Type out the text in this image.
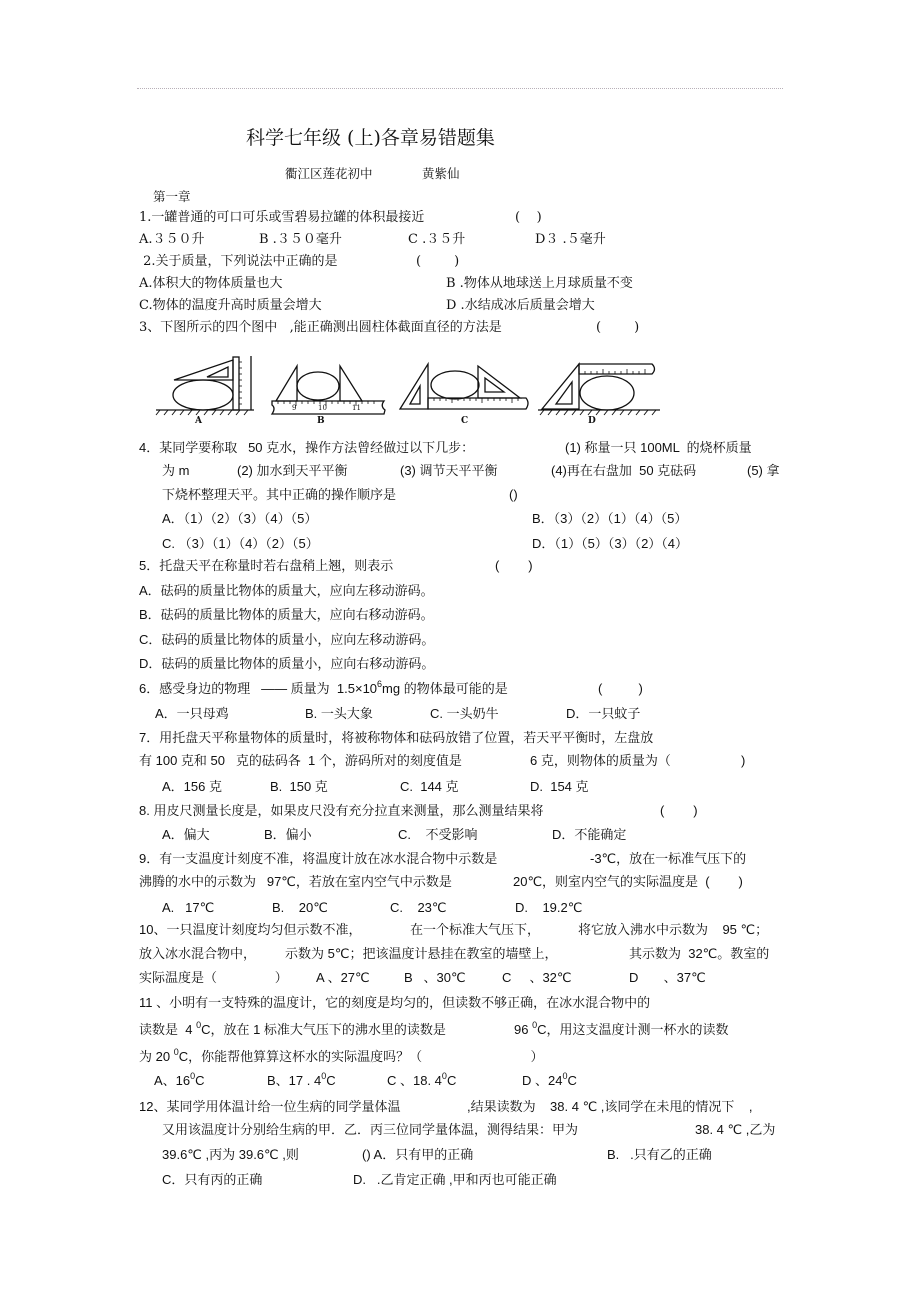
科学七年级 (上)各章易错题集
衢江区莲花初中	黄紫仙
第一章
1.一罐普通的可口可乐或雪碧易拉罐的体积最接近	(    )
A.３５０升	B .３５０毫升	C .３５升	D３ .５毫升
2.关于质量，下列说法中正确的是	(        )
A.体积大的物体质量也大	B .物体从地球送上月球质量不变
C.物体的温度升高时质量会增大	D .水结成冰后质量会增大
3、下图所示的四个图中   ,能正确测出圆柱体截面直径的方法是	(        )
A	B	C	D
9	10	11
4．某同学要称取   50 克水，操作方法曾经做过以下几步：	(1) 称量一只 100ML  的烧杯质量
为 m	(2) 加水到天平平衡	(3) 调节天平平衡	(4)再在右盘加  50 克砝码	(5) 拿
下烧杯整理天平。其中正确的操作顺序是	()
A．（1）（2）（3）（4）（5）	B．（3）（2）（1）（4）（5）
C. （3）（1）（4）（2）（5）	D．（1）（5）（3）（2）（4）
5．托盘天平在称量时若右盘稍上翘，则表示	(        )
A．砝码的质量比物体的质量大，应向左移动游码。
B．砝码的质量比物体的质量大，应向右移动游码。
C．砝码的质量比物体的质量小，应向左移动游码。
D．砝码的质量比物体的质量小，应向右移动游码。
6．感受身边的物理   —— 质量为  $1.5\times 10^6mg$ 的物体最可能的是	(          )
A．一只母鸡	B. 一头大象	C. 一头奶牛	D．一只蚊子
7．用托盘天平称量物体的质量时，将被称物体和砝码放错了位置，若天平平衡时，左盘放
有 100 克和 50   克的砝码各  1 个，游码所对的刻度值是	6 克，则物体的质量为（	)
A．156 克	B.  150 克	C.  144 克	D.  154 克
8. 用皮尺测量长度是，如果皮尺没有充分拉直来测量，那么测量结果将	(        )
A．偏大	B．偏小	C.    不受影响	D．不能确定
9．有一支温度计刻度不准，将温度计放在冰水混合物中示数是	-3℃，放在一标准气压下的
沸腾的水中的示数为   97℃，若放在室内空气中示数是	20℃，则室内空气的实际温度是  (        )
A.   17℃	B.    20℃	C.    23℃	D.    19.2℃
10、一只温度计刻度均匀但示数不准，	在一个标准大气压下，	将它放入沸水中示数为    95 ℃；
放入冰水混合物中， 示数为 5℃；把该温度计悬挂在教室的墙壁上，	其示数为  32℃。教室的
实际温度是（                ） A 、27℃	B   、30℃	C     、32℃	D       、37℃
11 、小明有一支特殊的温度计，它的刻度是均匀的，但读数不够正确，在冰水混合物中的
读数是  4 $^0$C，放在 1 标准大气压下的沸水里的读数是	96 $^0$C，用这支温度计测一杯水的读数
为 20 $^0$C，你能帮他算算这杯水的实际温度吗？（                              ）
A、$16^0C$	B、17 . $4^0C$	C 、18. $4^0C$	D 、$24^0C$
12、某同学用体温计给一位生病的同学量体温	,结果读数为    38. 4 ℃ ,该同学在未甩的情况下    ,
又用该温度计分别给生病的甲．乙．丙三位同学量体温，测得结果：甲为	38. 4 ℃ ,乙为
39.6℃ ,丙为 39.6℃ ,则	() A．只有甲的正确	B.   .只有乙的正确
C．只有丙的正确	D.   .乙肯定正确 ,甲和丙也可能正确
